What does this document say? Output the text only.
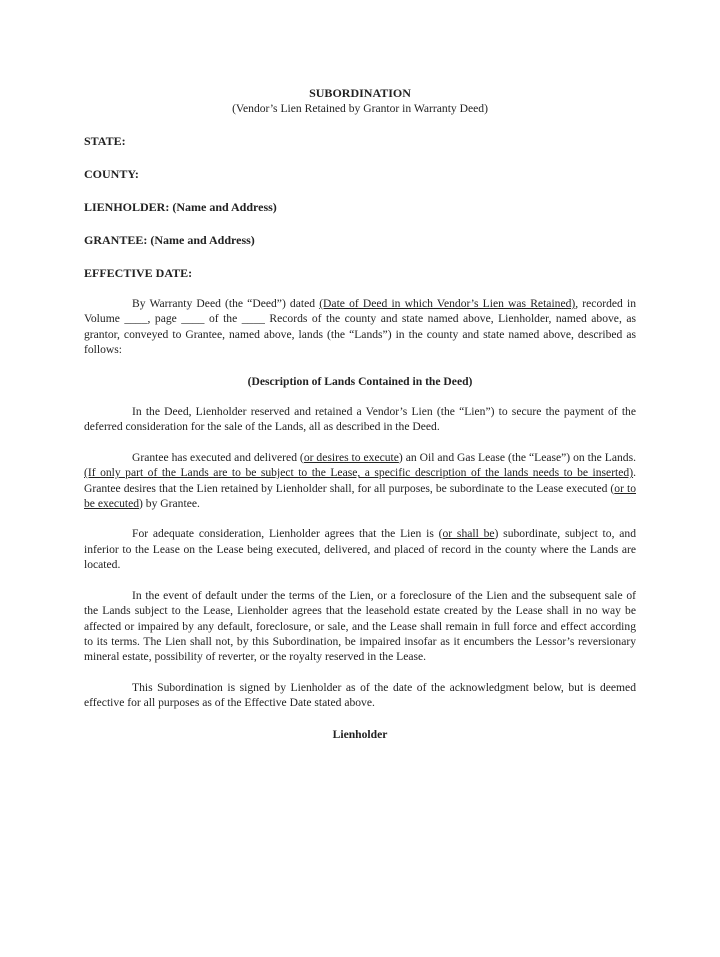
SUBORDINATION
(Vendor’s Lien Retained by Grantor in Warranty Deed)
STATE:
COUNTY:
LIENHOLDER: (Name and Address)
GRANTEE: (Name and Address)
EFFECTIVE DATE:

By Warranty Deed (the “Deed”) dated (Date of Deed in which Vendor’s Lien was Retained), recorded in Volume ____, page ____ of the ____ Records of the county and state named above, Lienholder, named above, as grantor, conveyed to Grantee, named above, lands (the “Lands”) in the county and state named above, described as follows:

(Description of Lands Contained in the Deed)

In the Deed, Lienholder reserved and retained a Vendor’s Lien (the “Lien”) to secure the payment of the deferred consideration for the sale of the Lands, all as described in the Deed.

Grantee has executed and delivered (or desires to execute) an Oil and Gas Lease (the “Lease”) on the Lands. (If only part of the Lands are to be subject to the Lease, a specific description of the lands needs to be inserted). Grantee desires that the Lien retained by Lienholder shall, for all purposes, be subordinate to the Lease executed (or to be executed) by Grantee.

For adequate consideration, Lienholder agrees that the Lien is (or shall be) subordinate, subject to, and inferior to the Lease on the Lease being executed, delivered, and placed of record in the county where the Lands are located.

In the event of default under the terms of the Lien, or a foreclosure of the Lien and the subsequent sale of the Lands subject to the Lease, Lienholder agrees that the leasehold estate created by the Lease shall in no way be affected or impaired by any default, foreclosure, or sale, and the Lease shall remain in full force and effect according to its terms. The Lien shall not, by this Subordination, be impaired insofar as it encumbers the Lessor’s reversionary mineral estate, possibility of reverter, or the royalty reserved in the Lease.

This Subordination is signed by Lienholder as of the date of the acknowledgment below, but is deemed effective for all purposes as of the Effective Date stated above.

Lienholder
